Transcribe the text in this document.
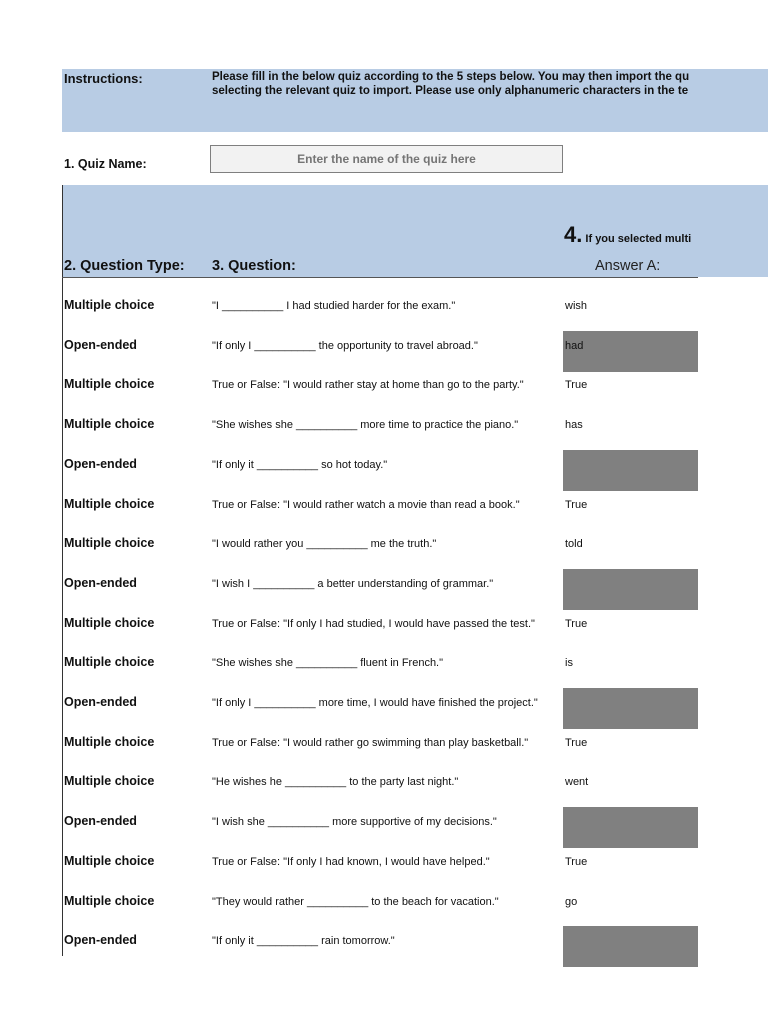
Instructions:	Please fill in the below quiz according to the 5 steps below. You may then import the qu
selecting the relevant quiz to import. Please use only alphanumeric characters in the te
1. Quiz Name:
Enter the name of the quiz here
4. If you selected multi
2. Question Type: 3. Question:	Answer A:
Multiple choice	"I __________ I had studied harder for the exam."	wish
Open-ended	"If only I __________ the opportunity to travel abroad."	had
Multiple choice	True or False: "I would rather stay at home than go to the party."	True
Multiple choice	"She wishes she __________ more time to practice the piano."	has
Open-ended	"If only it __________ so hot today."
Multiple choice	True or False: "I would rather watch a movie than read a book."	True
Multiple choice	"I would rather you __________ me the truth."	told
Open-ended	"I wish I __________ a better understanding of grammar."
Multiple choice	True or False: "If only I had studied, I would have passed the test."	True
Multiple choice	"She wishes she __________ fluent in French."	is
Open-ended	"If only I __________ more time, I would have finished the project."
Multiple choice	True or False: "I would rather go swimming than play basketball."	True
Multiple choice	"He wishes he __________ to the party last night."	went
Open-ended	"I wish she __________ more supportive of my decisions."
Multiple choice	True or False: "If only I had known, I would have helped."	True
Multiple choice	"They would rather __________ to the beach for vacation."	go
Open-ended	"If only it __________ rain tomorrow."
